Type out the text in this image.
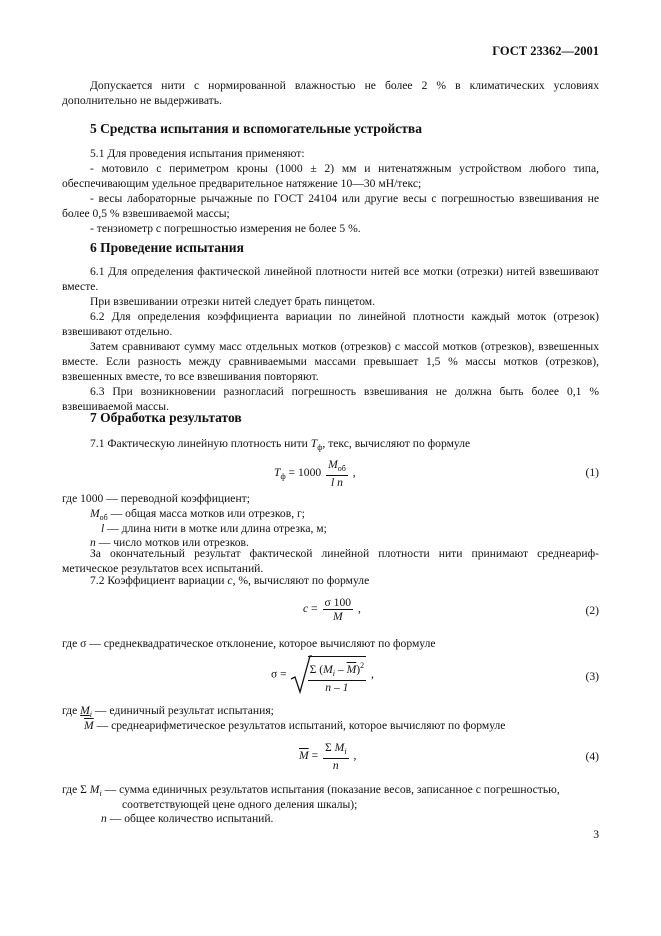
ГОСТ 23362—2001

Допускается нити с нормированной влажностью не более 2 % в климатических условиях дополнительно не выдерживать.

5 Средства испытания и вспомогательные устройства

5.1 Для проведения испытания применяют:

- мотовило с периметром кроны (1000 ± 2) мм и нитенатяжным устройством любого типа, обеспечивающим удельное предварительное натяжение 10—30 мН/текс;

- весы лабораторные рычажные по ГОСТ 24104 или другие весы с погрешностью взвешивания не более 0,5 % взвешиваемой массы;

- тензиометр с погрешностью измерения не более 5 %.

6 Проведение испытания

6.1 Для определения фактической линейной плотности нитей все мотки (отрезки) нитей взвешивают вместе.

При взвешивании отрезки нитей следует брать пинцетом.

6.2 Для определения коэффициента вариации по линейной плотности каждый моток (отрезок) взвешивают отдельно.

Затем сравнивают сумму масс отдельных мотков (отрезков) с массой мотков (отрезков), взвешенных вместе. Если разность между сравниваемыми массами превышает 1,5 % массы мотков (отрезков), взвешенных вместе, то все взвешивания повторяют.

6.3 При возникновении разногласий погрешность взвешивания не должна быть более 0,1 % взвешиваемой массы.

7 Обработка результатов

7.1 Фактическую линейную плотность нити $T_ф$, текс, вычисляют по формуле

$T_ф = 1000 \frac{M_{об}}{\text{l n}}$ ,	(1)
где 1000 — переводной коэффициент;
$M_{об}$ — общая масса мотков или отрезков, г;
l — длина нити в мотке или длина отрезка, м;
n — число мотков или отрезков.

За окончательный результат фактической линейной плотности нити принимают среднеариф-метическое результатов всех испытаний.

7.2 Коэффициент вариации c, %, вычисляют по формуле

$c = \frac{\sigma 100}{M}$ ,	(2)
где σ — среднеквадратическое отклонение, которое вычисляют по формуле
$\sigma = \frac{\Sigma (M_i - \overline{M})^2}{n - 1}$ ,	(3)
где $M_i$ — единичный результат испытания;
$\overline{M}$ — среднеарифметическое результатов испытаний, которое вычисляют по формуле
$\overline{M} = \frac{\Sigma M_i}{n}$ ,	(4)
где Σ $M_i$ — сумма единичных результатов испытания (показание весов, записанное с погрешностью,
соответствующей цене одного деления шкалы);
n — общее количество испытаний.
3
